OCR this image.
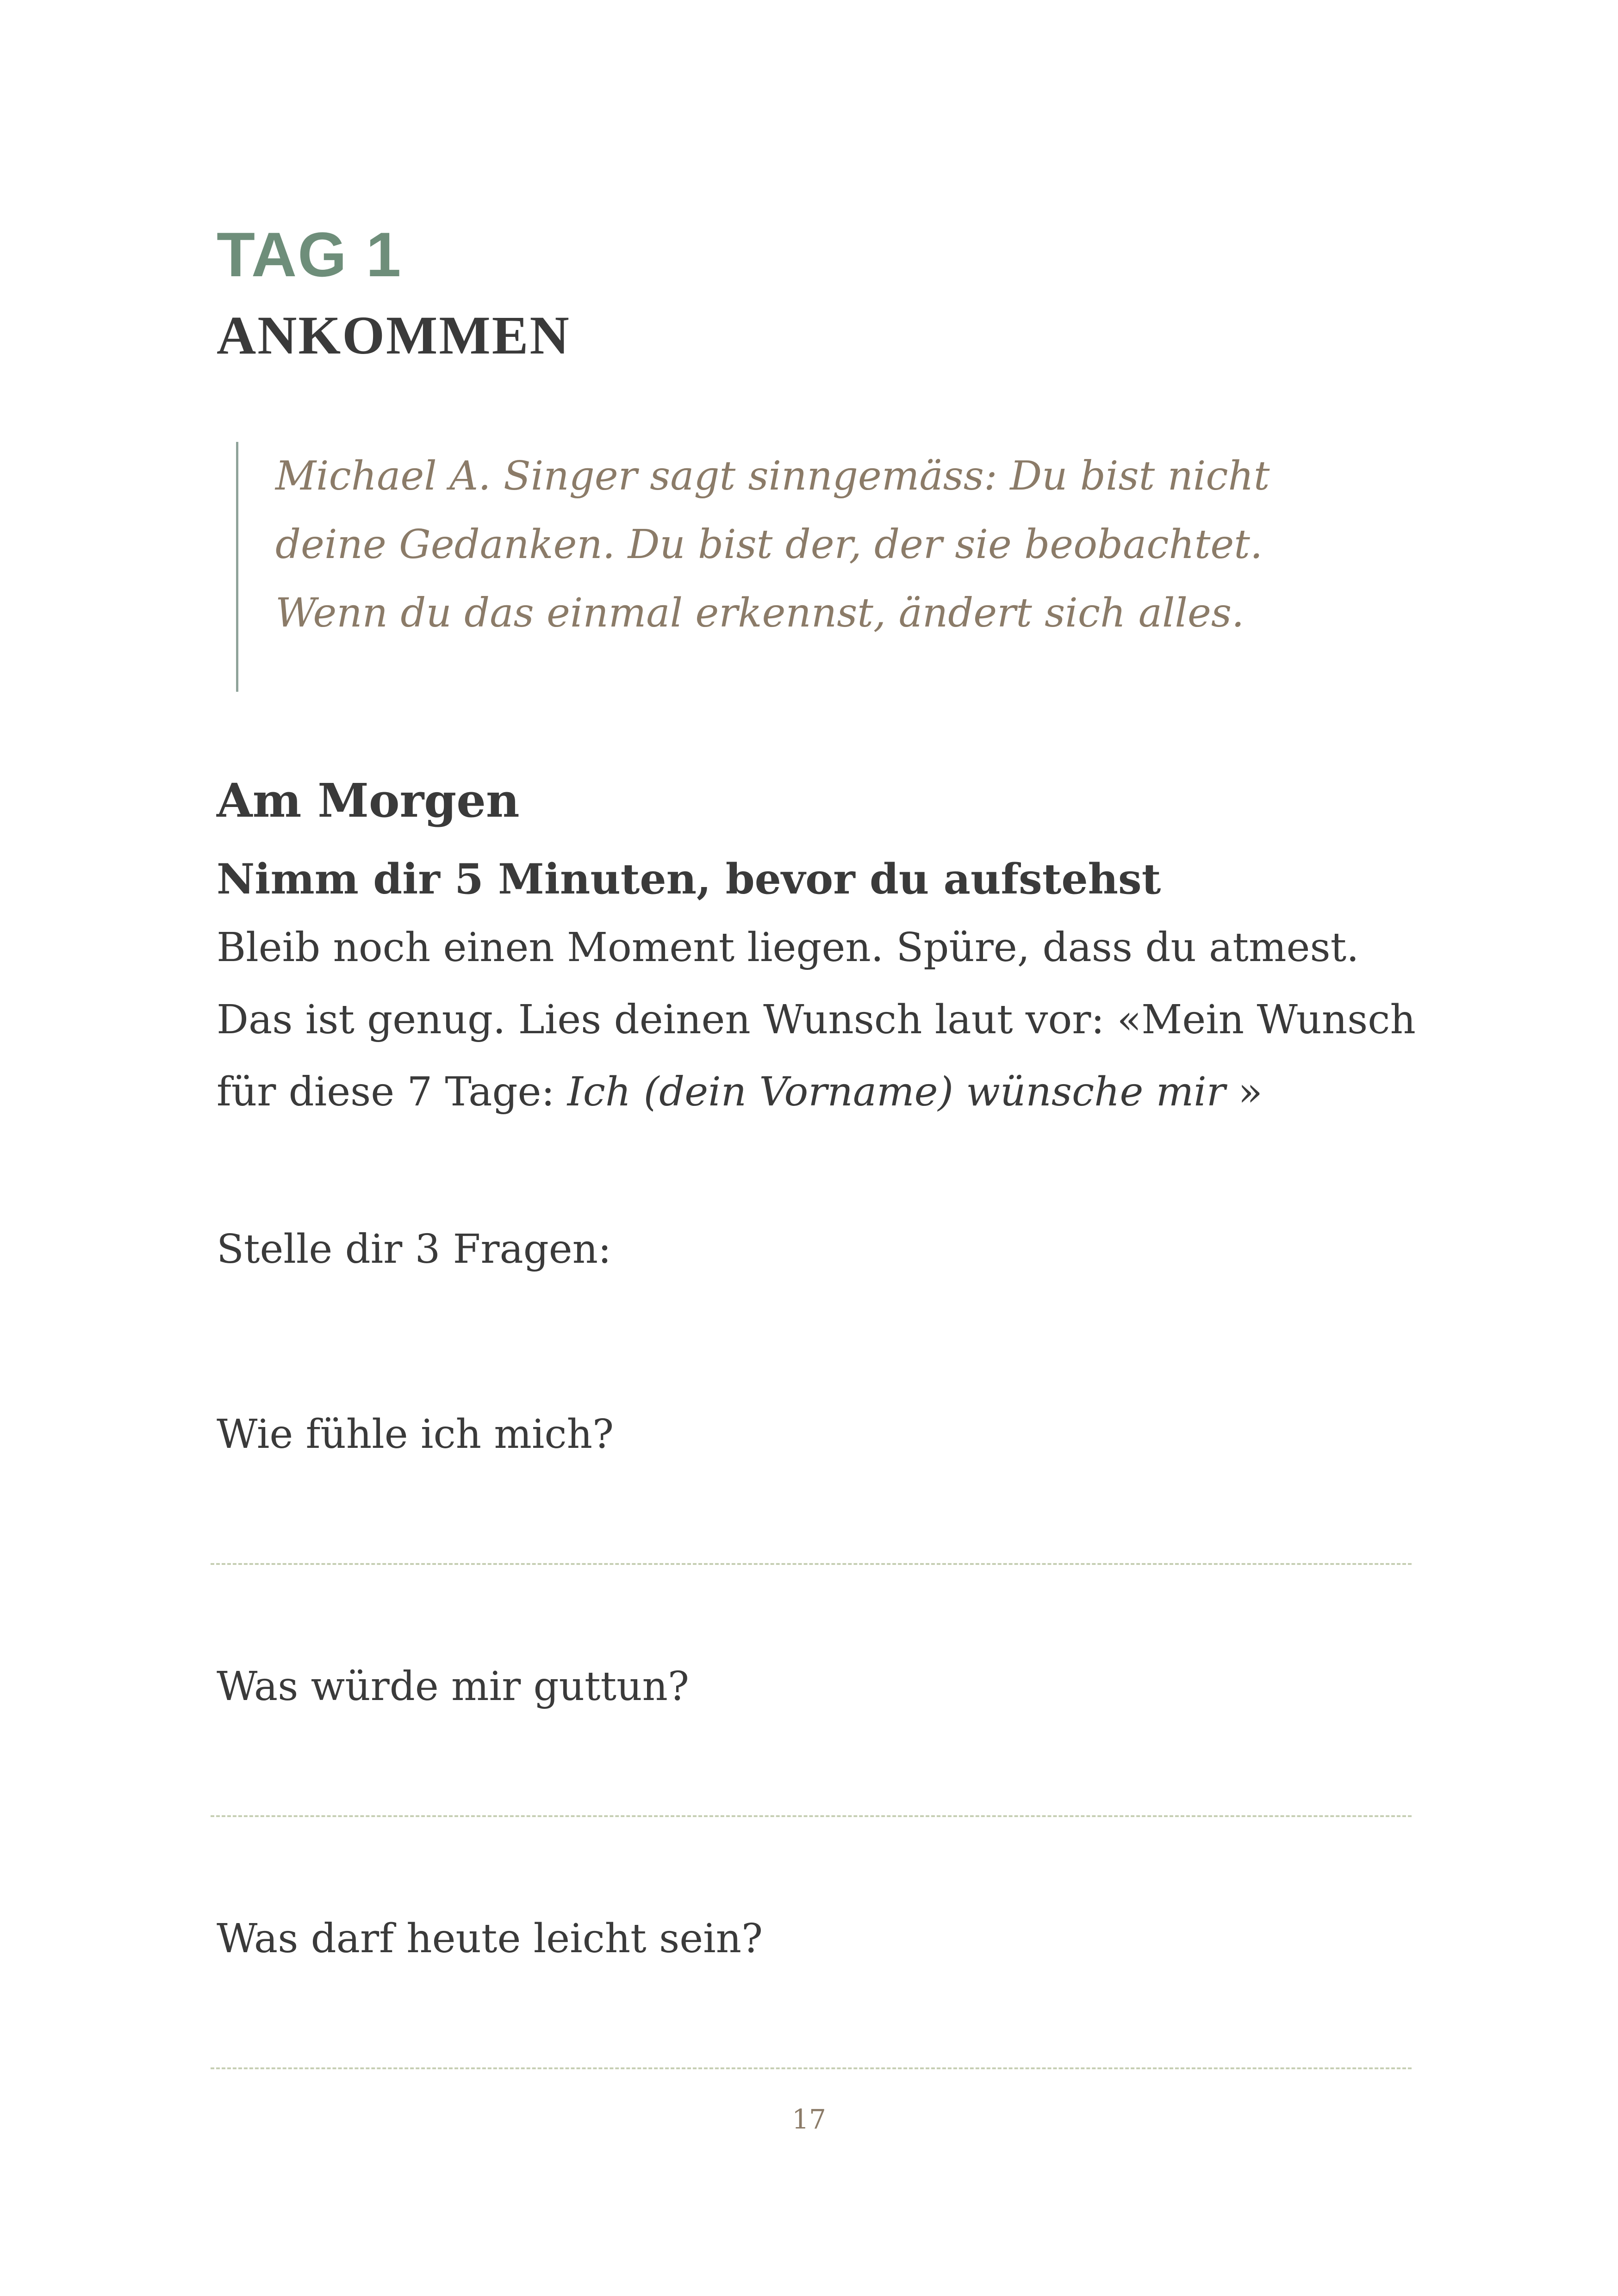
TAG 1
ANKOMMEN
Michael A. Singer sagt sinngemäss: Du bist nicht deine Gedanken. Du bist der, der sie beobachtet. Wenn du das einmal erkennst, ändert sich alles.
Am Morgen
Nimm dir 5 Minuten, bevor du aufstehst
Bleib noch einen Moment liegen. Spüre, dass du atmest. Das ist genug. Lies deinen Wunsch laut vor: «Mein Wunsch für diese 7 Tage: Ich (dein Vorname) wünsche mir »
Stelle dir 3 Fragen:
Wie fühle ich mich?
Was würde mir guttun?
Was darf heute leicht sein?
17
